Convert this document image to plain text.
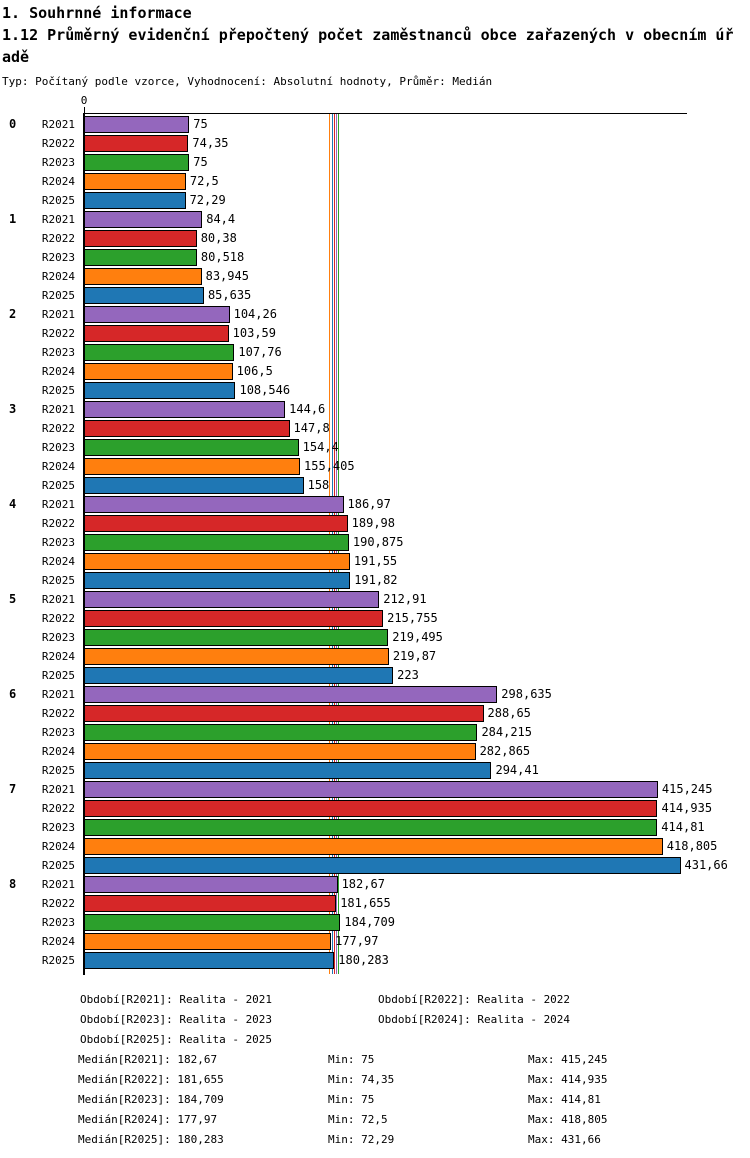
1. Souhrnné informace
1.12 Průměrný evidenční přepočtený počet zaměstnanců obce zařazených v obecním úř
adě
Typ: Počítaný podle vzorce, Vyhodnocení: Absolutní hodnoty, Průměr: Medián
0
0	R2021	75
R2022	74,35
R2023	75
R2024	72,5
R2025	72,29
1	R2021	84,4
R2022	80,38
R2023	80,518
R2024	83,945
R2025	85,635
2	R2021	104,26
R2022	103,59
R2023	107,76
R2024	106,5
R2025	108,546
3	R2021	144,6
R2022	147,8
R2023	154,4
R2024	155,405
R2025	158
4	R2021	186,97
R2022	189,98
R2023	190,875
R2024	191,55
R2025	191,82
5	R2021	212,91
R2022	215,755
R2023	219,495
R2024	219,87
R2025	223
6	R2021	298,635
R2022	288,65
R2023	284,215
R2024	282,865
R2025	294,41
7	R2021	415,245
R2022	414,935
R2023	414,81
R2024	418,805
R2025	431,66
8	R2021	182,67
R2022	181,655
R2023	184,709
R2024	177,97
R2025	180,283
Období[R2021]: Realita - 2021	Období[R2022]: Realita - 2022
Období[R2023]: Realita - 2023	Období[R2024]: Realita - 2024
Období[R2025]: Realita - 2025
Medián[R2021]: 182,67	Min: 75	Max: 415,245
Medián[R2022]: 181,655	Min: 74,35	Max: 414,935
Medián[R2023]: 184,709	Min: 75	Max: 414,81
Medián[R2024]: 177,97	Min: 72,5	Max: 418,805
Medián[R2025]: 180,283	Min: 72,29	Max: 431,66
